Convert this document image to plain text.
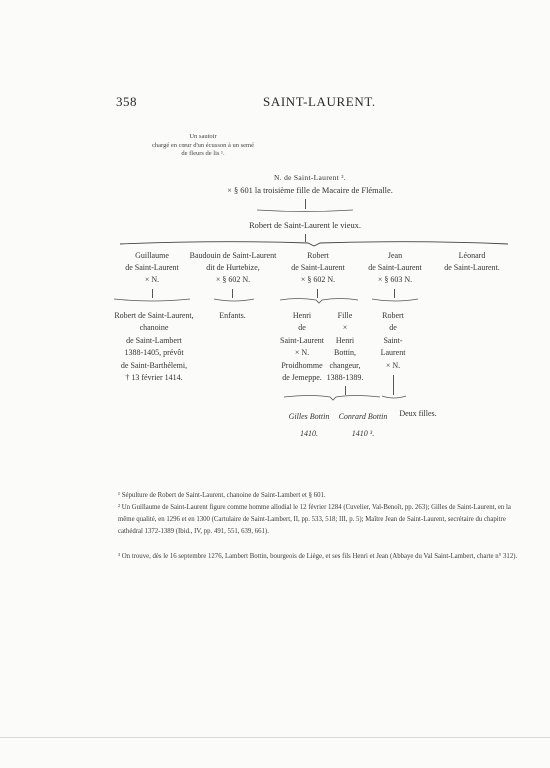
358	SAINT-LAURENT.
Un sautoir
chargé en cœur d'un écusson à un semé
de fleurs de lis ¹.
N. de Saint-Laurent ².
× § 601 la troisième fille de Macaire de Flémalle.
Robert de Saint-Laurent le vieux.
Guillaume
de Saint-Laurent
× N.
Baudouin de Saint-Laurent
dit de Hurtebize,
× § 602 N.
Robert
de Saint-Laurent
× § 602 N.
Jean
de Saint-Laurent
× § 603 N.
Léonard
de Saint-Laurent.
Robert de Saint-Laurent,
chanoine
de Saint-Lambert
1388-1405, prévôt
de Saint-Barthélemi,
† 13 février 1414.
Enfants.	Henri
de
Saint-Laurent
× N.
Proidhomme
de Jemeppe.
Fille
×
Henri
Bottin,
changeur,
1388-1389.
Robert
de
Saint-
Laurent
× N.
Gilles Bottin
1410.
Conrard Bottin
1410 ³.
Deux filles.
¹ Sépulture de Robert de Saint-Laurent, chanoine de Saint-Lambert et § 601.
² Un Guillaume de Saint-Laurent figure comme homme allodial le 12 février 1284 (Cuvelier, Val-Benoît, pp. 263); Gilles de Saint-Laurent, en la même qualité, en 1296 et en 1300 (Cartulaire de Saint-Lambert, II, pp. 533, 518; III, p. 5); Maître Jean de Saint-Laurent, secrétaire du chapitre cathédral 1372-1389 (Ibid., IV, pp. 491, 551, 639, 661).
³ On trouve, dès le 16 septembre 1276, Lambert Bottin, bourgeois de Liège, et ses fils Henri et Jean (Abbaye du Val Saint-Lambert, charte n° 312).
